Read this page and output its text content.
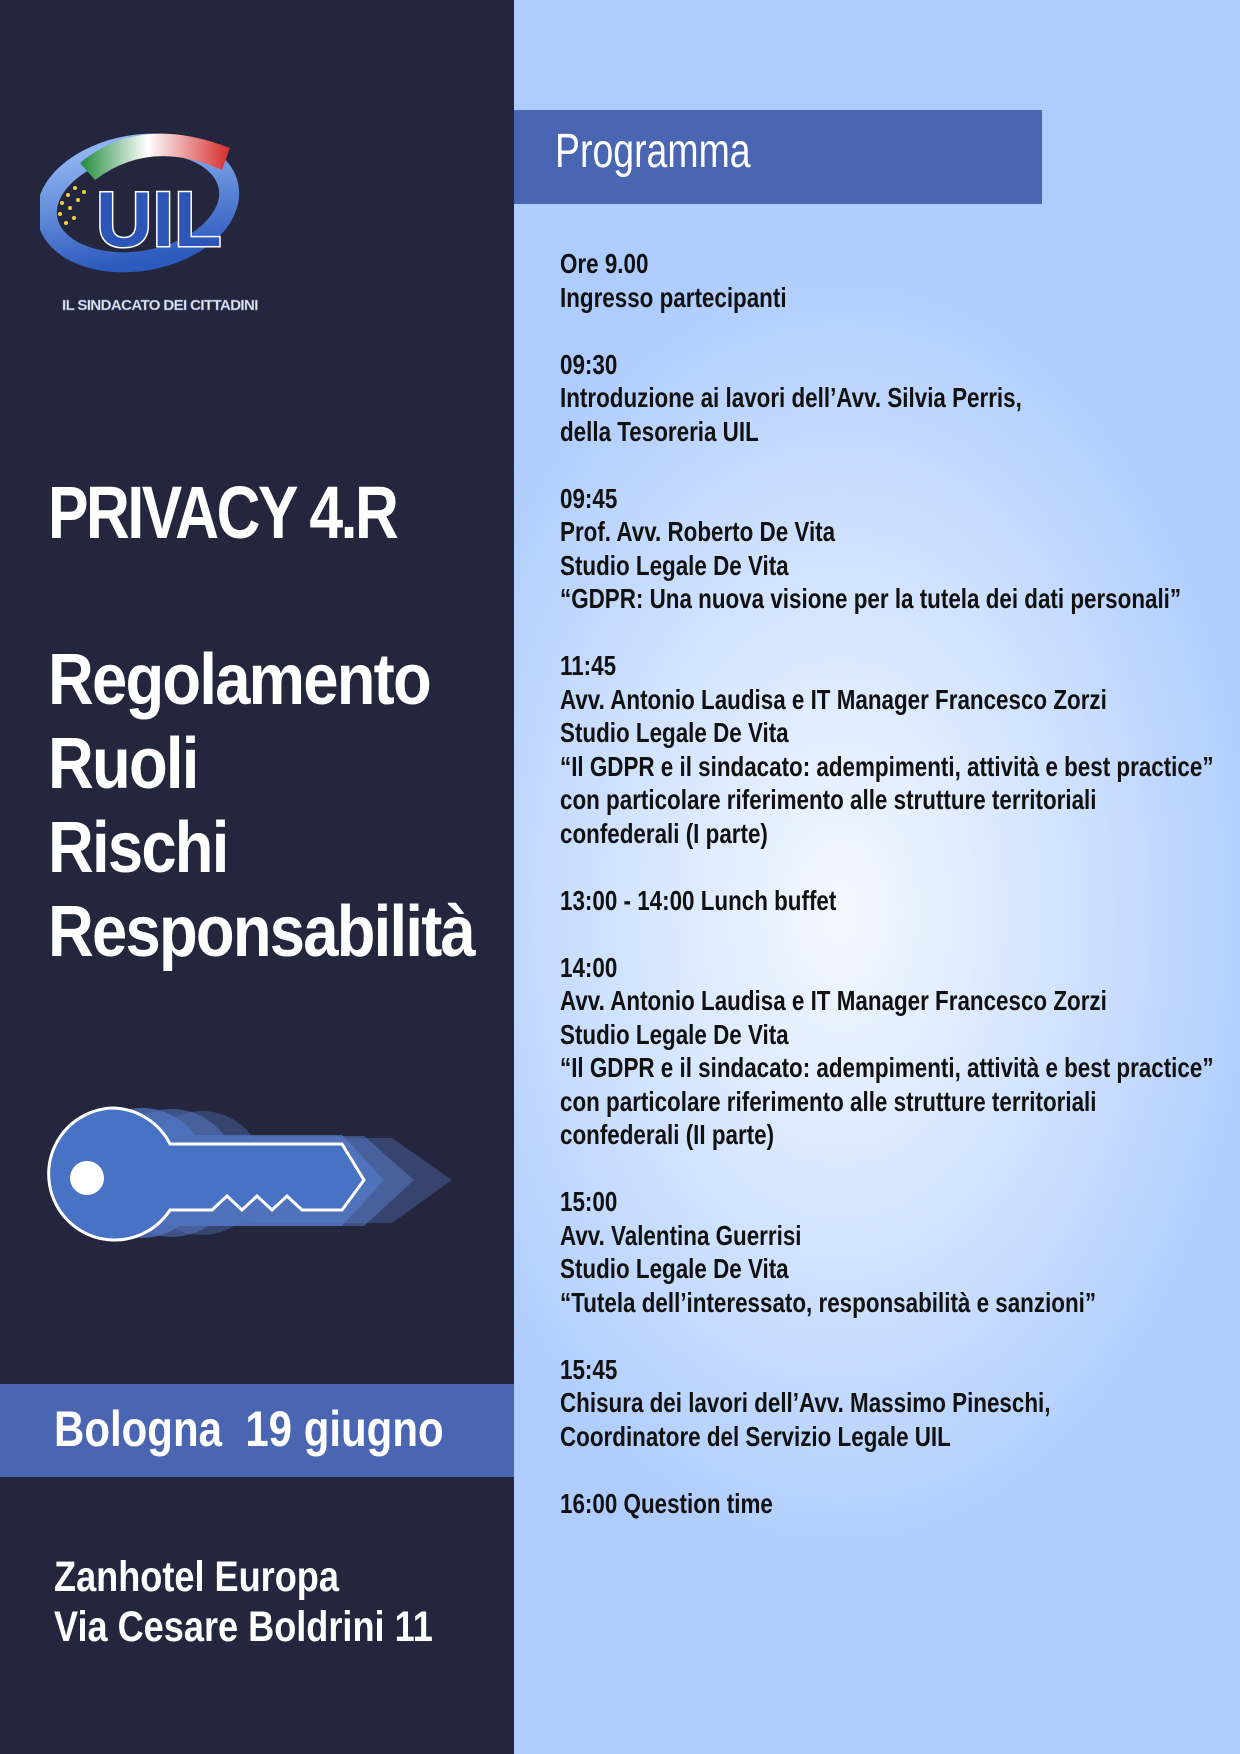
UIL
IL SINDACATO DEI CITTADINI
PRIVACY 4.R
Regolamento
Ruoli
Rischi
Responsabilità
Bologna  19 giugno
Zanhotel Europa
Via Cesare Boldrini 11
Programma
Ore 9.00
Ingresso partecipanti
09:30
Introduzione ai lavori dell’Avv. Silvia Perris,
della Tesoreria UIL
09:45
Prof. Avv. Roberto De Vita
Studio Legale De Vita
“GDPR: Una nuova visione per la tutela dei dati personali”
11:45
Avv. Antonio Laudisa e IT Manager Francesco Zorzi
Studio Legale De Vita
“Il GDPR e il sindacato: adempimenti, attività e best practice”
con particolare riferimento alle strutture territoriali
confederali (I parte)
13:00 - 14:00 Lunch buffet
14:00
Avv. Antonio Laudisa e IT Manager Francesco Zorzi
Studio Legale De Vita
“Il GDPR e il sindacato: adempimenti, attività e best practice”
con particolare riferimento alle strutture territoriali
confederali (II parte)
15:00
Avv. Valentina Guerrisi
Studio Legale De Vita
“Tutela dell’interessato, responsabilità e sanzioni”
15:45
Chisura dei lavori dell’Avv. Massimo Pineschi,
Coordinatore del Servizio Legale UIL
16:00 Question time
